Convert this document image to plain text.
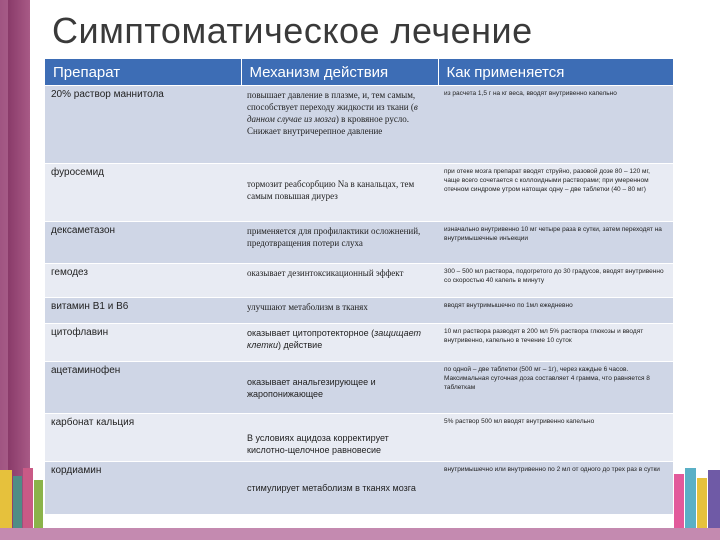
Симптоматическое лечение
Препарат	Механизм действия	Как применяется
20% раствор маннитола	повышает давление в плазме, и, тем самым, способствует переходу жидкости из ткани (в данном случае из мозга) в кровяное русло. Снижает внутричерепное давление	из расчета 1,5 г на кг веса, вводят внутривенно капельно
фуросемид	тормозит реабсорбцию Na в канальцах, тем самым повышая диурез	при отеке мозга препарат вводят струйно, разовой дозе 80 – 120 мг, чаще всего сочетается с коллоидными растворами; при умеренном отечном синдроме утром натощак одну – две таблетки (40 – 80 мг)
дексаметазон	применяется для профилактики осложнений, предотвращения потери слуха	изначально внутривенно 10 мг четыре раза в сутки, затем переходят на внутримышечные инъекции
гемодез	оказывает дезинтоксикационный эффект	300 – 500 мл раствора, подогретого до 30 градусов, вводят внутривенно со скоростью 40 капель в минуту
витамин В1 и В6	улучшают метаболизм в тканях	вводят внутримышечно по 1мл ежедневно
цитофлавин	оказывает цитопротекторное (защищает клетки) действие	10 мл раствора разводят в 200 мл 5% раствора глюкозы и вводят внутривенно, капельно в течение 10 суток
ацетаминофен	оказывает анальгезирующее и жаропонижающее	по одной – две таблетки (500 мг – 1г), через каждые 6 часов. Максимальная суточная доза составляет 4 грамма, что равняется 8 таблеткам
карбонат кальция	В условиях ацидоза корректирует кислотно-щелочное равновесие	5% раствор 500 мл вводят внутривенно капельно
кордиамин	стимулирует метаболизм в тканях мозга	внутримышечно или внутривенно по 2 мл от одного до трех раз в сутки
